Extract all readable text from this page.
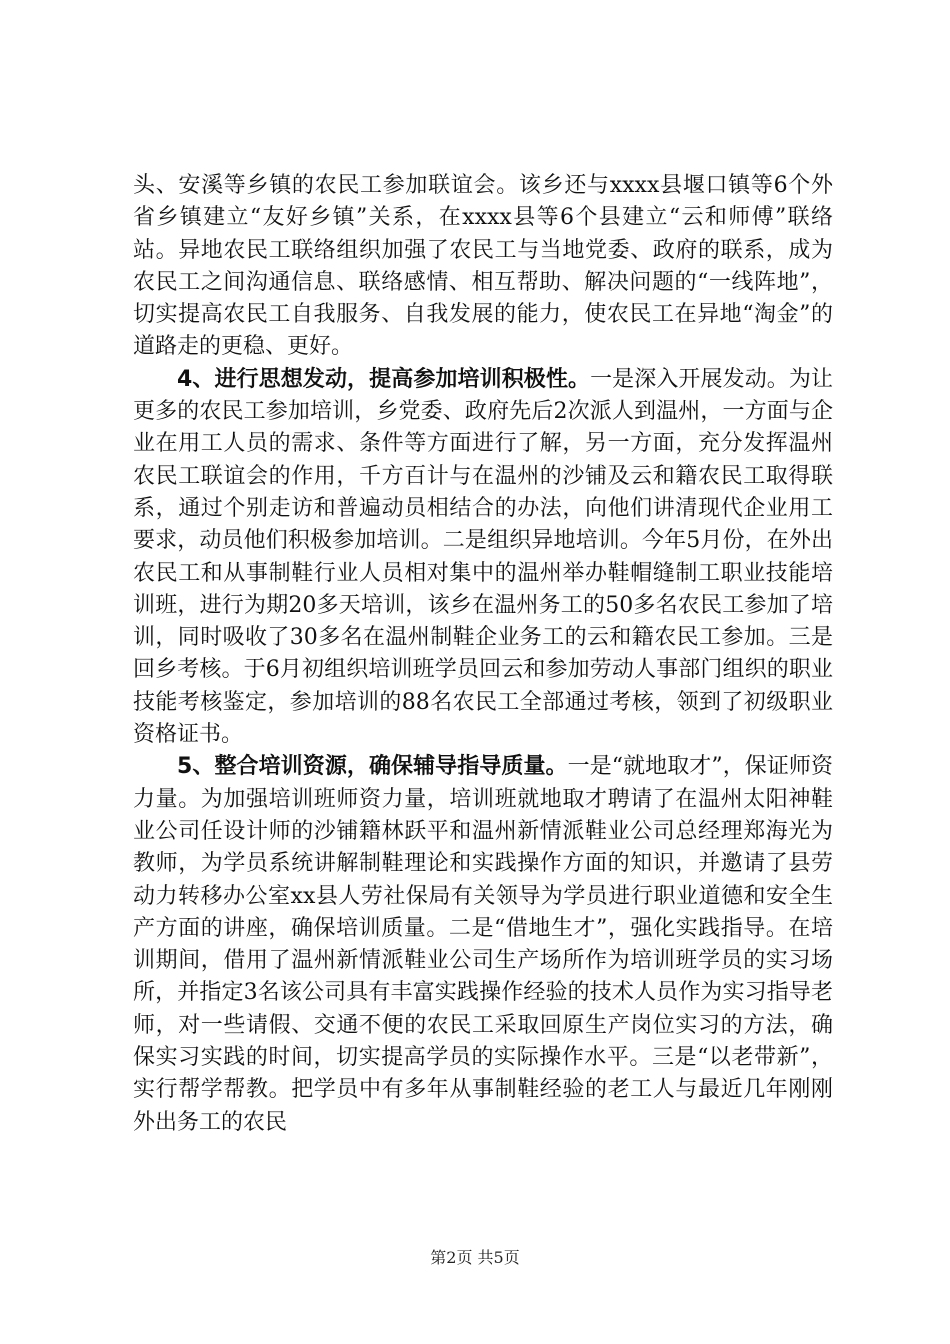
头、安溪等乡镇的农民工参加联谊会。该乡还与xxxx县堰口镇等6个外省乡镇建立“友好乡镇”关系，在xxxx县等6个县建立“云和师傅”联络站。异地农民工联络组织加强了农民工与当地党委、政府的联系，成为农民工之间沟通信息、联络感情、相互帮助、解决问题的“一线阵地”，切实提高农民工自我服务、自我发展的能力，使农民工在异地“淘金”的道路走的更稳、更好。

4、进行思想发动，提高参加培训积极性。一是深入开展发动。为让更多的农民工参加培训，乡党委、政府先后2次派人到温州，一方面与企业在用工人员的需求、条件等方面进行了解，另一方面，充分发挥温州农民工联谊会的作用，千方百计与在温州的沙铺及云和籍农民工取得联系，通过个别走访和普遍动员相结合的办法，向他们讲清现代企业用工要求，动员他们积极参加培训。二是组织异地培训。今年5月份，在外出农民工和从事制鞋行业人员相对集中的温州举办鞋帽缝制工职业技能培训班，进行为期20多天培训，该乡在温州务工的50多名农民工参加了培训，同时吸收了30多名在温州制鞋企业务工的云和籍农民工参加。三是回乡考核。于6月初组织培训班学员回云和参加劳动人事部门组织的职业技能考核鉴定，参加培训的88名农民工全部通过考核，领到了初级职业资格证书。

5、整合培训资源，确保辅导指导质量。一是“就地取才”，保证师资力量。为加强培训班师资力量，培训班就地取才聘请了在温州太阳神鞋业公司任设计师的沙铺籍林跃平和温州新情派鞋业公司总经理郑海光为教师，为学员系统讲解制鞋理论和实践操作方面的知识，并邀请了县劳动力转移办公室xx县人劳社保局有关领导为学员进行职业道德和安全生产方面的讲座，确保培训质量。二是“借地生才”，强化实践指导。在培训期间，借用了温州新情派鞋业公司生产场所作为培训班学员的实习场所，并指定3名该公司具有丰富实践操作经验的技术人员作为实习指导老师，对一些请假、交通不便的农民工采取回原生产岗位实习的方法，确保实习实践的时间，切实提高学员的实际操作水平。三是“以老带新”，实行帮学帮教。把学员中有多年从事制鞋经验的老工人与最近几年刚刚外出务工的农民

第2页 共5页
